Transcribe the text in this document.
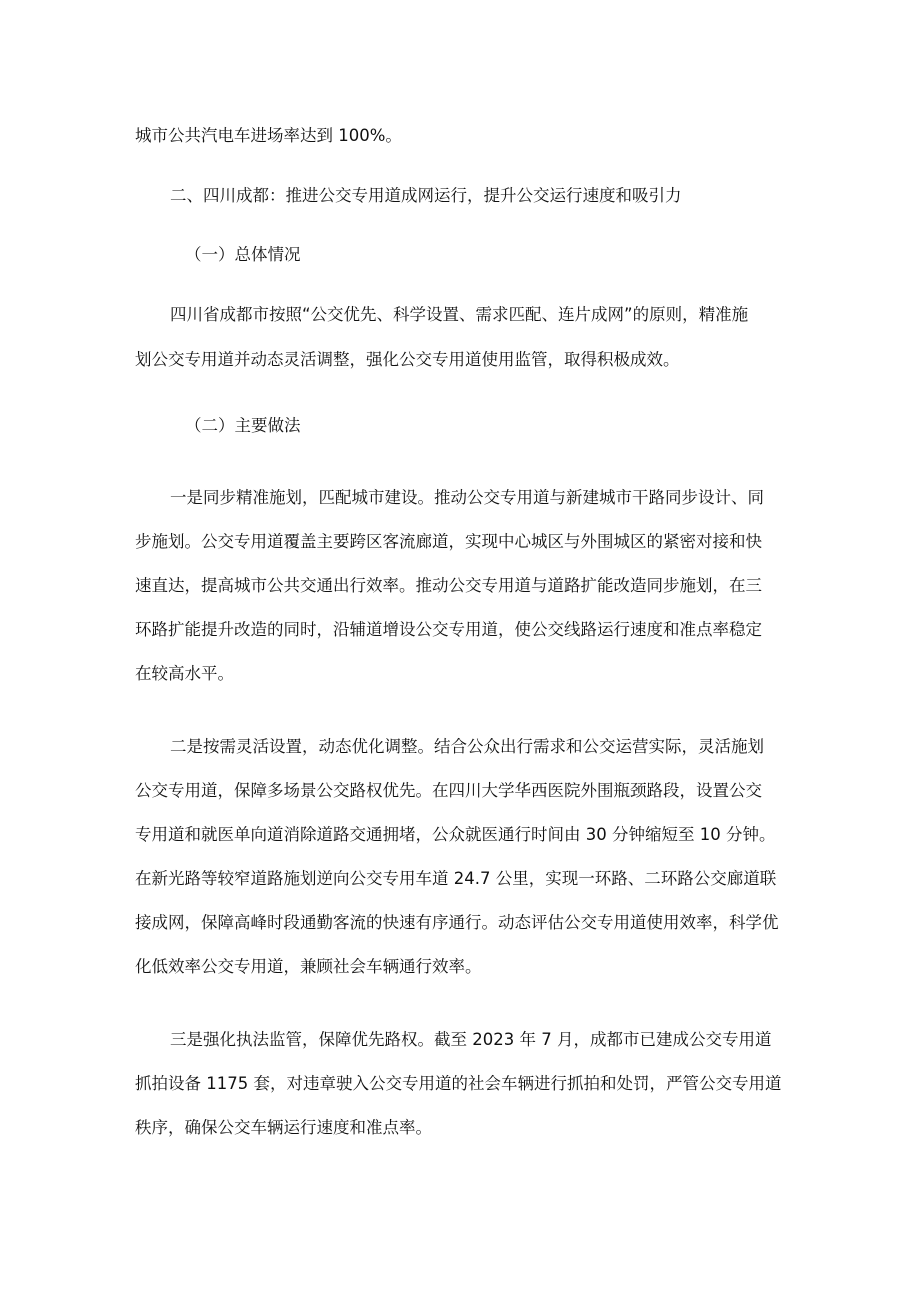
城市公共汽电车进场率达到 100%。
二、四川成都：推进公交专用道成网运行，提升公交运行速度和吸引力
（一）总体情况
四川省成都市按照“公交优先、科学设置、需求匹配、连片成网”的原则，精准施
划公交专用道并动态灵活调整，强化公交专用道使用监管，取得积极成效。
（二）主要做法
一是同步精准施划，匹配城市建设。推动公交专用道与新建城市干路同步设计、同
步施划。公交专用道覆盖主要跨区客流廊道，实现中心城区与外围城区的紧密对接和快
速直达，提高城市公共交通出行效率。推动公交专用道与道路扩能改造同步施划，在三
环路扩能提升改造的同时，沿辅道增设公交专用道，使公交线路运行速度和准点率稳定
在较高水平。
二是按需灵活设置，动态优化调整。结合公众出行需求和公交运营实际，灵活施划
公交专用道，保障多场景公交路权优先。在四川大学华西医院外围瓶颈路段，设置公交
专用道和就医单向道消除道路交通拥堵，公众就医通行时间由 30 分钟缩短至 10 分钟。
在新光路等较窄道路施划逆向公交专用车道 24.7 公里，实现一环路、二环路公交廊道联
接成网，保障高峰时段通勤客流的快速有序通行。动态评估公交专用道使用效率，科学优
化低效率公交专用道，兼顾社会车辆通行效率。
三是强化执法监管，保障优先路权。截至 2023 年 7 月，成都市已建成公交专用道
抓拍设备 1175 套，对违章驶入公交专用道的社会车辆进行抓拍和处罚，严管公交专用道
秩序，确保公交车辆运行速度和准点率。
